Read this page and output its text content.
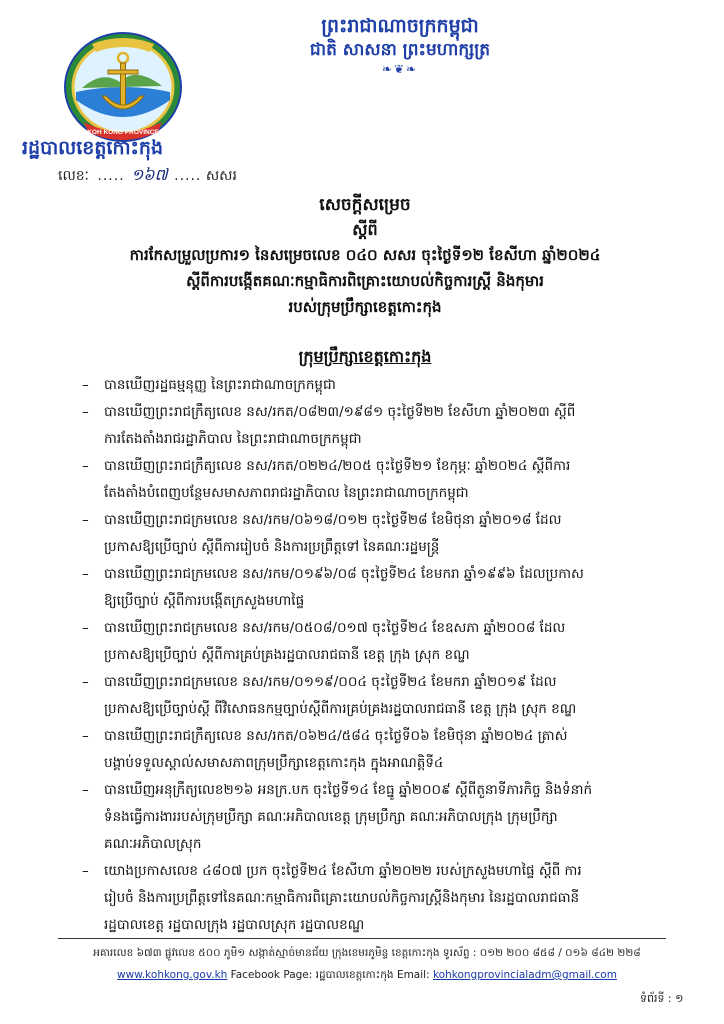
ព្រះរាជាណាចក្រកម្ពុជា
ជាតិ សាសនា ព្រះមហាក្សត្រ
❧❦❧
KOH KONG PROVINCE
រដ្ឋបាលខេត្តកោះកុង
លេខៈ ..... ១៦៧ ..... សសរ
សេចក្តីសម្រេច
ស្តីពី
ការកែសម្រួលប្រការ១ នៃសម្រេចលេខ ០៤០ សសរ ចុះថ្ងៃទី១២ ខែសីហា ឆ្នាំ២០២៤
ស្តីពីការបង្កើតគណៈកម្មាធិការពិគ្រោះយោបល់កិច្ចការស្ត្រី និងកុមារ
របស់ក្រុមប្រឹក្សាខេត្តកោះកុង
ក្រុមប្រឹក្សាខេត្តកោះកុង
– បានឃើញរដ្ឋធម្មនុញ្ញ នៃព្រះរាជាណាចក្រកម្ពុជា
– បានឃើញព្រះរាជក្រឹត្យលេខ នស/រកត/០៨២៣/១៩៨១ ចុះថ្ងៃទី២២ ខែសីហា ឆ្នាំ២០២៣ ស្តីពី
ការតែងតាំងរាជរដ្ឋាភិបាល នៃព្រះរាជាណាចក្រកម្ពុជា
– បានឃើញព្រះរាជក្រឹត្យលេខ នស/រកត/០២២៤/២០៥ ចុះថ្ងៃទី២១ ខែកុម្ភៈ ឆ្នាំ២០២៤ ស្តីពីការ
តែងតាំងបំពេញបន្ថែមសមាសភាពរាជរដ្ឋាភិបាល នៃព្រះរាជាណាចក្រកម្ពុជា
– បានឃើញព្រះរាជក្រមលេខ នស/រកម/០៦១៨/០១២ ចុះថ្ងៃទី២៨ ខែមិថុនា ឆ្នាំ២០១៨ ដែល
ប្រកាសឱ្យប្រើច្បាប់ ស្តីពីការរៀបចំ និងការប្រព្រឹត្តទៅ នៃគណៈរដ្ឋមន្ត្រី
– បានឃើញព្រះរាជក្រមលេខ នស/រកម/០១៩៦/០៨ ចុះថ្ងៃទី២៤ ខែមករា ឆ្នាំ១៩៩៦ ដែលប្រកាស
ឱ្យប្រើច្បាប់ ស្តីពីការបង្កើតក្រសួងមហាផ្ទៃ
– បានឃើញព្រះរាជក្រមលេខ នស/រកម/០៥០៨/០១៧ ចុះថ្ងៃទី២៤ ខែឧសភា ឆ្នាំ២០០៨ ដែល
ប្រកាសឱ្យប្រើច្បាប់ ស្តីពីការគ្រប់គ្រងរដ្ឋបាលរាជធានី ខេត្ត ក្រុង ស្រុក ខណ្ឌ
– បានឃើញព្រះរាជក្រមលេខ នស/រកម/០១១៩/០០៤ ចុះថ្ងៃទី២៤ ខែមករា ឆ្នាំ២០១៩ ដែល
ប្រកាសឱ្យប្រើច្បាប់ស្តី ពីវិសោធនកម្មច្បាប់ស្តីពីការគ្រប់គ្រងរដ្ឋបាលរាជធានី ខេត្ត ក្រុង ស្រុក ខណ្ឌ
– បានឃើញព្រះរាជក្រឹត្យលេខ នស/រកត/០៦២៤/៥៨៤ ចុះថ្ងៃទី០៦ ខែមិថុនា ឆ្នាំ២០២៤ ត្រាស់
បង្គាប់ទទួលស្គាល់សមាសភាពក្រុមប្រឹក្សាខេត្តកោះកុង ក្នុងអាណត្តិទី៤
– បានឃើញអនុក្រឹត្យលេខ២១៦ អនក្រ.បក ចុះថ្ងៃទី១៤ ខែធ្នូ ឆ្នាំ២០០៩ ស្តីពីតួនាទីភារកិច្ច និងទំនាក់
ទំនងធ្វើការងាររបស់ក្រុមប្រឹក្សា គណៈអភិបាលខេត្ត ក្រុមប្រឹក្សា គណៈអភិបាលក្រុង ក្រុមប្រឹក្សា
គណៈអភិបាលស្រុក
– យោងប្រកាសលេខ ៤៨០៧ ប្រក ចុះថ្ងៃទី២៤ ខែសីហា ឆ្នាំ២០២២ របស់ក្រសួងមហាផ្ទៃ ស្តីពី ការ
រៀបចំ និងការប្រព្រឹត្តទៅនៃគណៈកម្មាធិការពិគ្រោះយោបល់កិច្ចការស្ត្រីនិងកុមារ នៃរដ្ឋបាលរាជធានី
រដ្ឋបាលខេត្ត រដ្ឋបាលក្រុង រដ្ឋបាលស្រុក រដ្ឋបាលខណ្ឌ
អគារលេខ ៦៧៣ ផ្លូវលេខ ៥០០ ភូមិ១ សង្កាត់ស្មាច់មានជ័យ ក្រុងខេមរភូមិន្ទ ខេត្តកោះកុង ទូរស័ព្ទ : ០១២ ២០០ ៨៥៨ / ០១៦ ៨៤២ ២២៨
www.kohkong.gov.kh Facebook Page: រដ្ឋបាលខេត្តកោះកុង Email: kohkongprovincialadm@gmail.com
ទំព័រទី : ១
